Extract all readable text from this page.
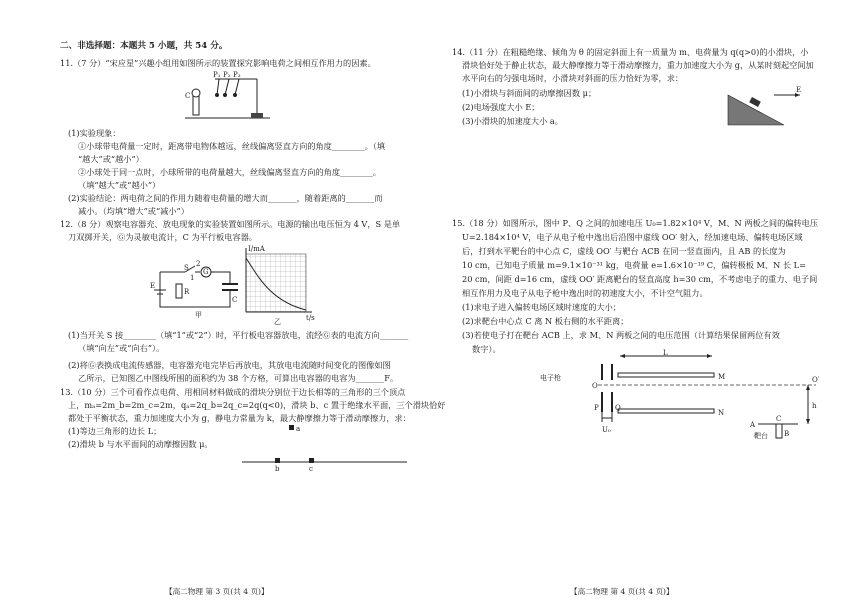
二、非选择题：本题共 5 小题，共 54 分。
11.（7 分）“宋应星”兴趣小组用如图所示的装置探究影响电荷之间相互作用力的因素。
C
P₁ P₂ P₃
(1)实验现象：
①小球带电荷量一定时，距离带电物体越远，丝线偏离竖直方向的角度________。（填
“越大”或“越小”）
②小球处于同一点时，小球所带的电荷量越大，丝线偏离竖直方向的角度________。
（填“越大”或“越小”）
(2)实验结论：两电荷之间的作用力随着电荷量的增大而_______，随着距离的_______而
减小。（均填“增大”或“减小”）
12.（8 分）观察电容器充、放电现象的实验装置如图所示。电源的输出电压恒为 4 V，S 是单
刀双掷开关，Ⓖ为灵敏电流计，C 为平行板电容器。
S
1
2
G
E
R
C
甲
I/mA
t/s
乙
(1)当开关 S 接________（填“1”或“2”）时，平行板电容器放电，流经Ⓖ表的电流方向_______
（填“向左”或“向右”）。
(2)将Ⓖ表换成电流传感器，电容器充电完毕后再放电，其放电电流随时间变化的图像如图
乙所示，已知图乙中图线所围的面积约为 38 个方格，可算出电容器的电容为_______F。
13.（10 分）三个可看作点电荷、用相同材料做成的滑块分别位于边长相等的三角形的三个顶点
上，mₐ=2m_b=2m_c=2m，qₐ=2q_b=2q_c=2q(q<0)，滑块 b、c 置于绝缘水平面，三个滑块恰好
都处于平衡状态，重力加速度大小为 g，静电力常量为 k，最大静摩擦力等于滑动摩擦力，求：
(1)等边三角形的边长 L；
(2)滑块 b 与水平面间的动摩擦因数 μ。
a
b	c
【高二物理 第 3 页(共 4 页)】
14.（11 分）在粗糙绝缘、倾角为 θ 的固定斜面上有一质量为 m、电荷量为 q(q>0)的小滑块，小
滑块恰好处于静止状态，最大静摩擦力等于滑动摩擦力，重力加速度大小为 g，从某时刻起空间加
水平向右的匀强电场时，小滑块对斜面的压力恰好为零，求：
(1)小滑块与斜面间的动摩擦因数 μ；
(2)电场强度大小 E；
(3)小滑块的加速度大小 a。
E
15.（18 分）如图所示，图中 P、Q 之间的加速电压 U₀=1.82×10⁴ V，M、N 两板之间的偏转电压
U=2.184×10⁴ V，电子从电子枪中逸出后沿图中虚线 OO′ 射入，经加速电场、偏转电场区域
后，打到水平靶台的中心点 C，虚线 OO′ 与靶台 ACB 在同一竖直面内，且 AB 的长度为
10 cm，已知电子质量 m=9.1×10⁻³¹ kg，电荷量 e=1.6×10⁻¹⁹ C，偏转极板 M、N 长 L=
20 cm，间距 d=16 cm，虚线 OO′ 距离靶台的竖直高度 h=30 cm，不考虑电子的重力、电子间
相互作用力及电子从电子枪中逸出时的初速度大小，不计空气阻力。
(1)求电子进入偏转电场区域时速度的大小；
(2)求靶台中心点 C 离 N 板右侧的水平距离；
(3)若使电子打在靶台 ACB 上，求 M、N 两板之间的电压范围（计算结果保留两位有效
数字）。
电子枪
O
O′
P Q
M
N
L
h
U₀
A
B
C
靶台
【高二物理 第 4 页(共 4 页)】
